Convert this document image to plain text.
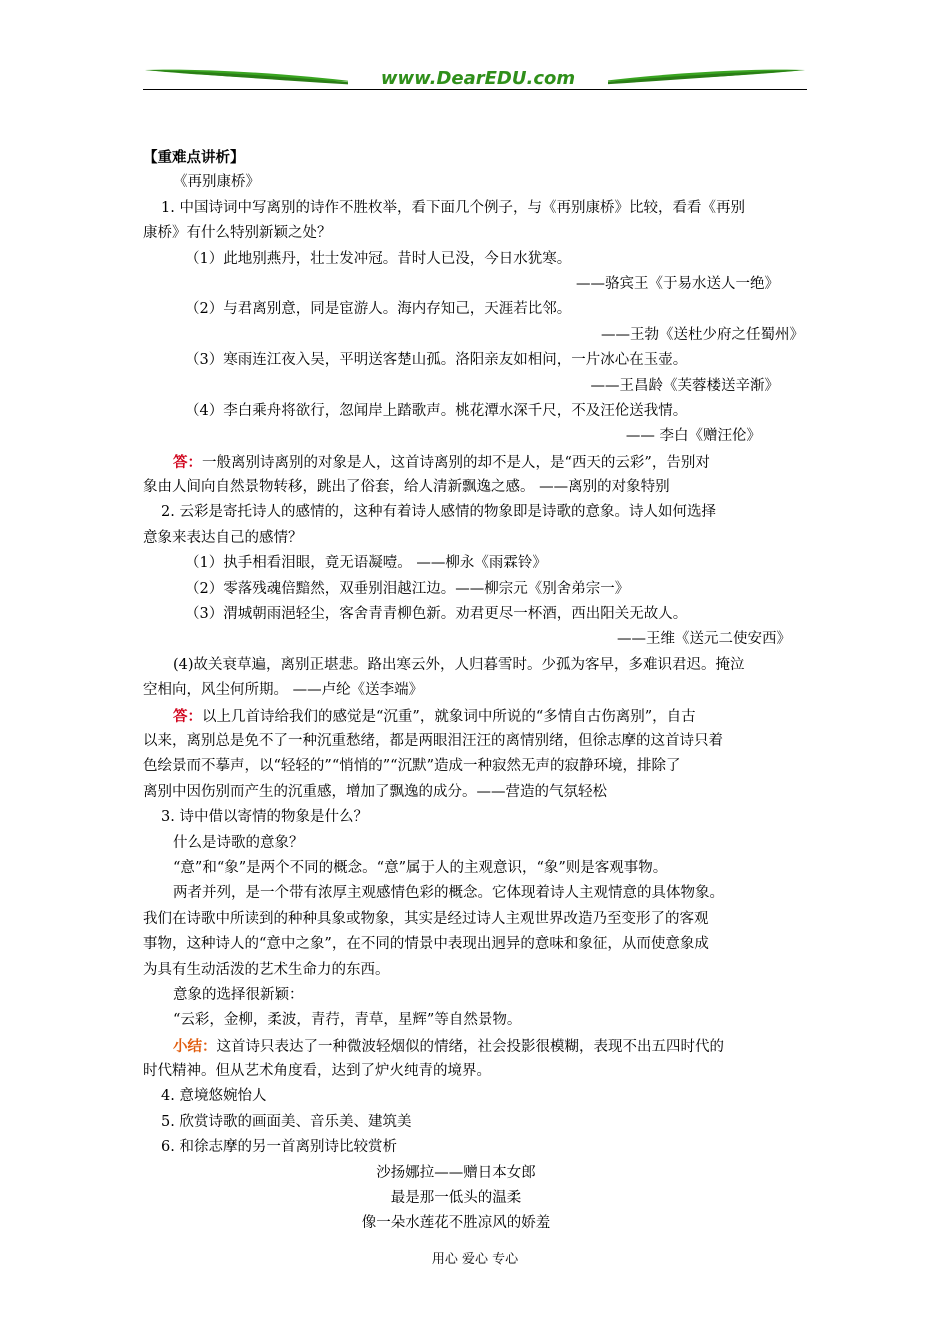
www.DearEDU.com
【重难点讲析】
《再别康桥》
1. 中国诗词中写离别的诗作不胜枚举，看下面几个例子，与《再别康桥》比较，看看《再别
康桥》有什么特别新颖之处？
（1）此地别燕丹，壮士发冲冠。昔时人已没，今日水犹寒。
——骆宾王《于易水送人一绝》
（2）与君离别意，同是宦游人。海内存知己，天涯若比邻。
——王勃《送杜少府之任蜀州》
（3）寒雨连江夜入吴，平明送客楚山孤。洛阳亲友如相问，一片冰心在玉壶。
——王昌龄《芙蓉楼送辛渐》
（4）李白乘舟将欲行，忽闻岸上踏歌声。桃花潭水深千尺，不及汪伦送我情。
—— 李白《赠汪伦》
答：一般离别诗离别的对象是人，这首诗离别的却不是人，是“西天的云彩”，告别对
象由人间向自然景物转移，跳出了俗套，给人清新飘逸之感。 ——离别的对象特别
2. 云彩是寄托诗人的感情的，这种有着诗人感情的物象即是诗歌的意象。诗人如何选择
意象来表达自己的感情？
（1）执手相看泪眼，竟无语凝噎。 ——柳永《雨霖铃》
（2）零落残魂倍黯然，双垂别泪越江边。——柳宗元《别舍弟宗一》
（3）渭城朝雨浥轻尘，客舍青青柳色新。劝君更尽一杯酒，西出阳关无故人。
——王维《送元二使安西》
(4)故关衰草遍，离别正堪悲。路出寒云外，人归暮雪时。少孤为客早，多难识君迟。掩泣
空相向，风尘何所期。 ——卢纶《送李端》
答：以上几首诗给我们的感觉是“沉重”，就象词中所说的“多情自古伤离别”，自古
以来，离别总是免不了一种沉重愁绪，都是两眼泪汪汪的离情别绪，但徐志摩的这首诗只着
色绘景而不摹声，以“轻轻的”“悄悄的”“沉默”造成一种寂然无声的寂静环境，排除了
离别中因伤别而产生的沉重感，增加了飘逸的成分。——营造的气氛轻松
3. 诗中借以寄情的物象是什么？
什么是诗歌的意象？
“意”和“象”是两个不同的概念。“意”属于人的主观意识，“象”则是客观事物。
两者并列，是一个带有浓厚主观感情色彩的概念。它体现着诗人主观情意的具体物象。
我们在诗歌中所读到的种种具象或物象，其实是经过诗人主观世界改造乃至变形了的客观
事物，这种诗人的“意中之象”，在不同的情景中表现出迥异的意味和象征，从而使意象成
为具有生动活泼的艺术生命力的东西。
意象的选择很新颖：
“云彩，金柳，柔波，青荇，青草，星辉”等自然景物。
小结：这首诗只表达了一种微波轻烟似的情绪，社会投影很模糊，表现不出五四时代的
时代精神。但从艺术角度看，达到了炉火纯青的境界。
4. 意境悠婉怡人
5. 欣赏诗歌的画面美、音乐美、建筑美
6. 和徐志摩的另一首离别诗比较赏析
沙扬娜拉——赠日本女郎
最是那一低头的温柔
像一朵水莲花不胜凉风的娇羞
用心 爱心 专心
